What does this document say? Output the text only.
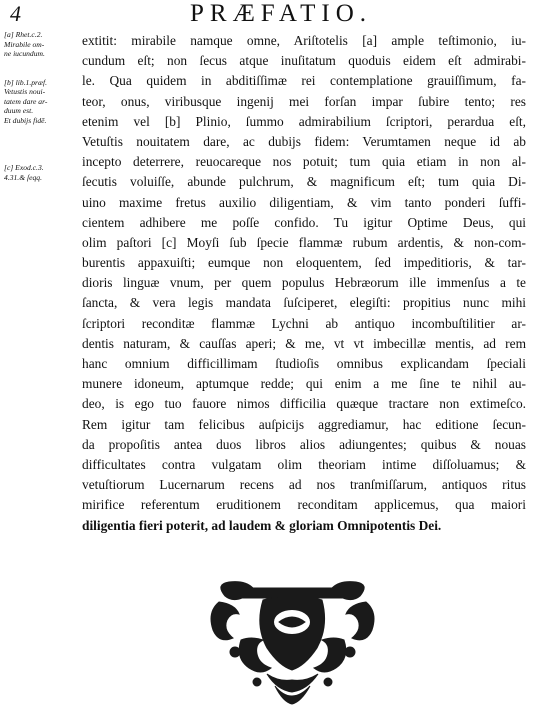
4	PRÆFATIO.
[a] Rhet.c.2.
Mirabile om-
ne iucundum.

[b] lib.1.præf.
Vetustis noui-
tatem dare ar-
duum est.
Et dubijs fidē.

[c] Exod.c.3.
4.31.& ſeqq.
extitit: mirabile namque omne, Ariſtotelis [a] ample teſtimonio, iu-
cundum eſt; non ſecus atque inuſitatum quoduis eidem eſt admirabi-
le. Qua quidem in abditiſſimæ rei contemplatione grauiſſimum, fa-
teor, onus, viribusque ingenij mei forſan impar ſubire tento; res
etenim vel [b] Plinio, ſummo admirabilium ſcriptori, perardua eſt,
Vetuſtis nouitatem dare, ac dubijs fidem: Verumtamen neque id ab
incepto deterrere, reuocareque nos potuit; tum quia etiam in non al-
ſecutis voluiſſe, abunde pulchrum, & magnificum eſt; tum quia Di-
uino maxime fretus auxilio diligentiam, & vim tanto ponderi ſuffi-
cientem adhibere me poſſe confido. Tu igitur Optime Deus, qui
olim paſtori [c] Moyſi ſub ſpecie flammæ rubum ardentis, & non-com-
burentis appaxuiſti; eumque non eloquentem, ſed impeditioris, & tar-
dioris linguæ vnum, per quem populus Hebræorum ille immenſus a te
ſancta, & vera legis mandata ſuſciperet, elegiſti: propitius nunc mihi
ſcriptori reconditæ flammæ Lychni ab antiquo incombuſtilitier ar-
dentis naturam, & cauſſas aperi; & me, vt vt imbecillæ mentis, ad rem
hanc omnium difficillimam ſtudioſis omnibus explicandam ſpeciali
munere idoneum, aptumque redde; qui enim a me ſine te nihil au-
deo, is ego tuo fauore nimos difficilia quæque tractare non extimeſco.
Rem igitur tam felicibus auſpicijs aggrediamur, hac editione ſecun-
da propoſitis antea duos libros alios adiungentes; quibus & nouas
difficultates contra vulgatam olim theoriam intime diſſoluamus; &
vetuſtiorum Lucernarum recens ad nos tranſmiſſarum, antiquos ritus
mirifice referentum eruditionem reconditam applicemus, qua maiori
diligentia fieri poterit, ad laudem & gloriam Omnipotentis Dei.
